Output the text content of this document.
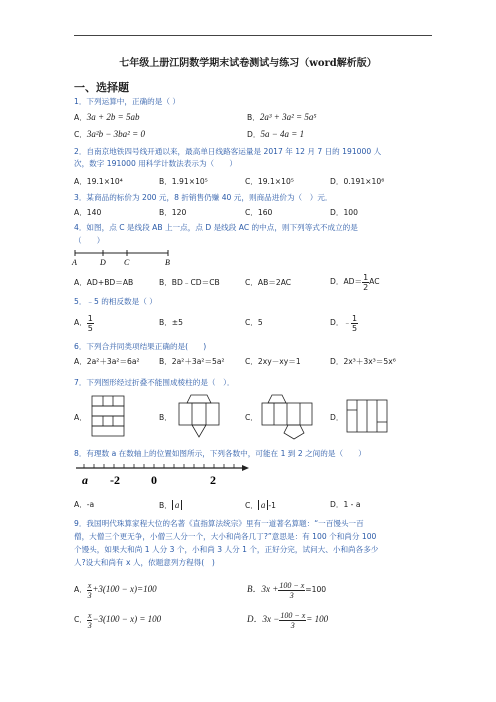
七年级上册江阴数学期末试卷测试与练习（word解析版）
一、选择题
1．下列运算中，正确的是（ ）
A．3a + 2b = 5ab	B．2a³ + 3a² = 5a⁵
C．3a²b − 3ba² = 0	D．5a − 4a = 1
2．自南京地铁四号线开通以来，最高单日线路客运量是 2017 年 12 月 7 日的 191000 人
次，数字 191000 用科学计数法表示为（　　）
A．19.1×10⁴	B．1.91×10⁵	C．19.1×10⁵	D．0.191×10⁶
3．某商品的标价为 200 元，8 折销售仍赚 40 元，则商品进价为（　）元．
A．140	B．120	C．160	D．100
4．如图，点 C 是线段 AB 上一点，点 D 是线段 AC 的中点，则下列等式不成立的是
（　　）
A	D C	B
A．AD+BD＝AB	B．BD﹣CD＝CB	C．AB＝2AC	D．$AD= \frac{1}{2}$ AC
5．﹣5 的相反数是（ ）
A． $\frac{1}{5}$	B．±5	C．5	D．﹣ $\frac{1}{5}$
6．下列合并同类项结果正确的是(　　)
A．2a²＋3a²＝6a²	B．2a²＋3a²＝5a²	C．2xy－xy＝1	D．2x³＋3x³＝5x⁶
7．下列图形经过折叠不能围成棱柱的是（　）．
A．	B．	C．	D．
8．有理数 a 在数轴上的位置如图所示，下列各数中，可能在 1 到 2 之间的是（　　）
a -2	0	2
A．-a	B． a	C． a -1	D．1 - a
9．我国明代珠算家程大位的名著《直指算法统宗》里有一道著名算题：“一百馒头一百
僧，大僧三个更无争，小僧三人分一个，大小和尚各几丁?”意思是：有 100 个和尚分 100
个馒头，如果大和尚 1 人分 3 个，小和尚 3 人分 1 个，正好分完，试问大、小和尚各多少
人?设大和尚有 x 人，依题意列方程得(　)
A． $\frac{x}{3} +3(100 - x)=100$	B．$3x + \frac{100 - x}{3} =100$
C． $\frac{x}{3} -3(100 - x) = 100$	D．$3x - \frac{100 - x}{3} = 100$
